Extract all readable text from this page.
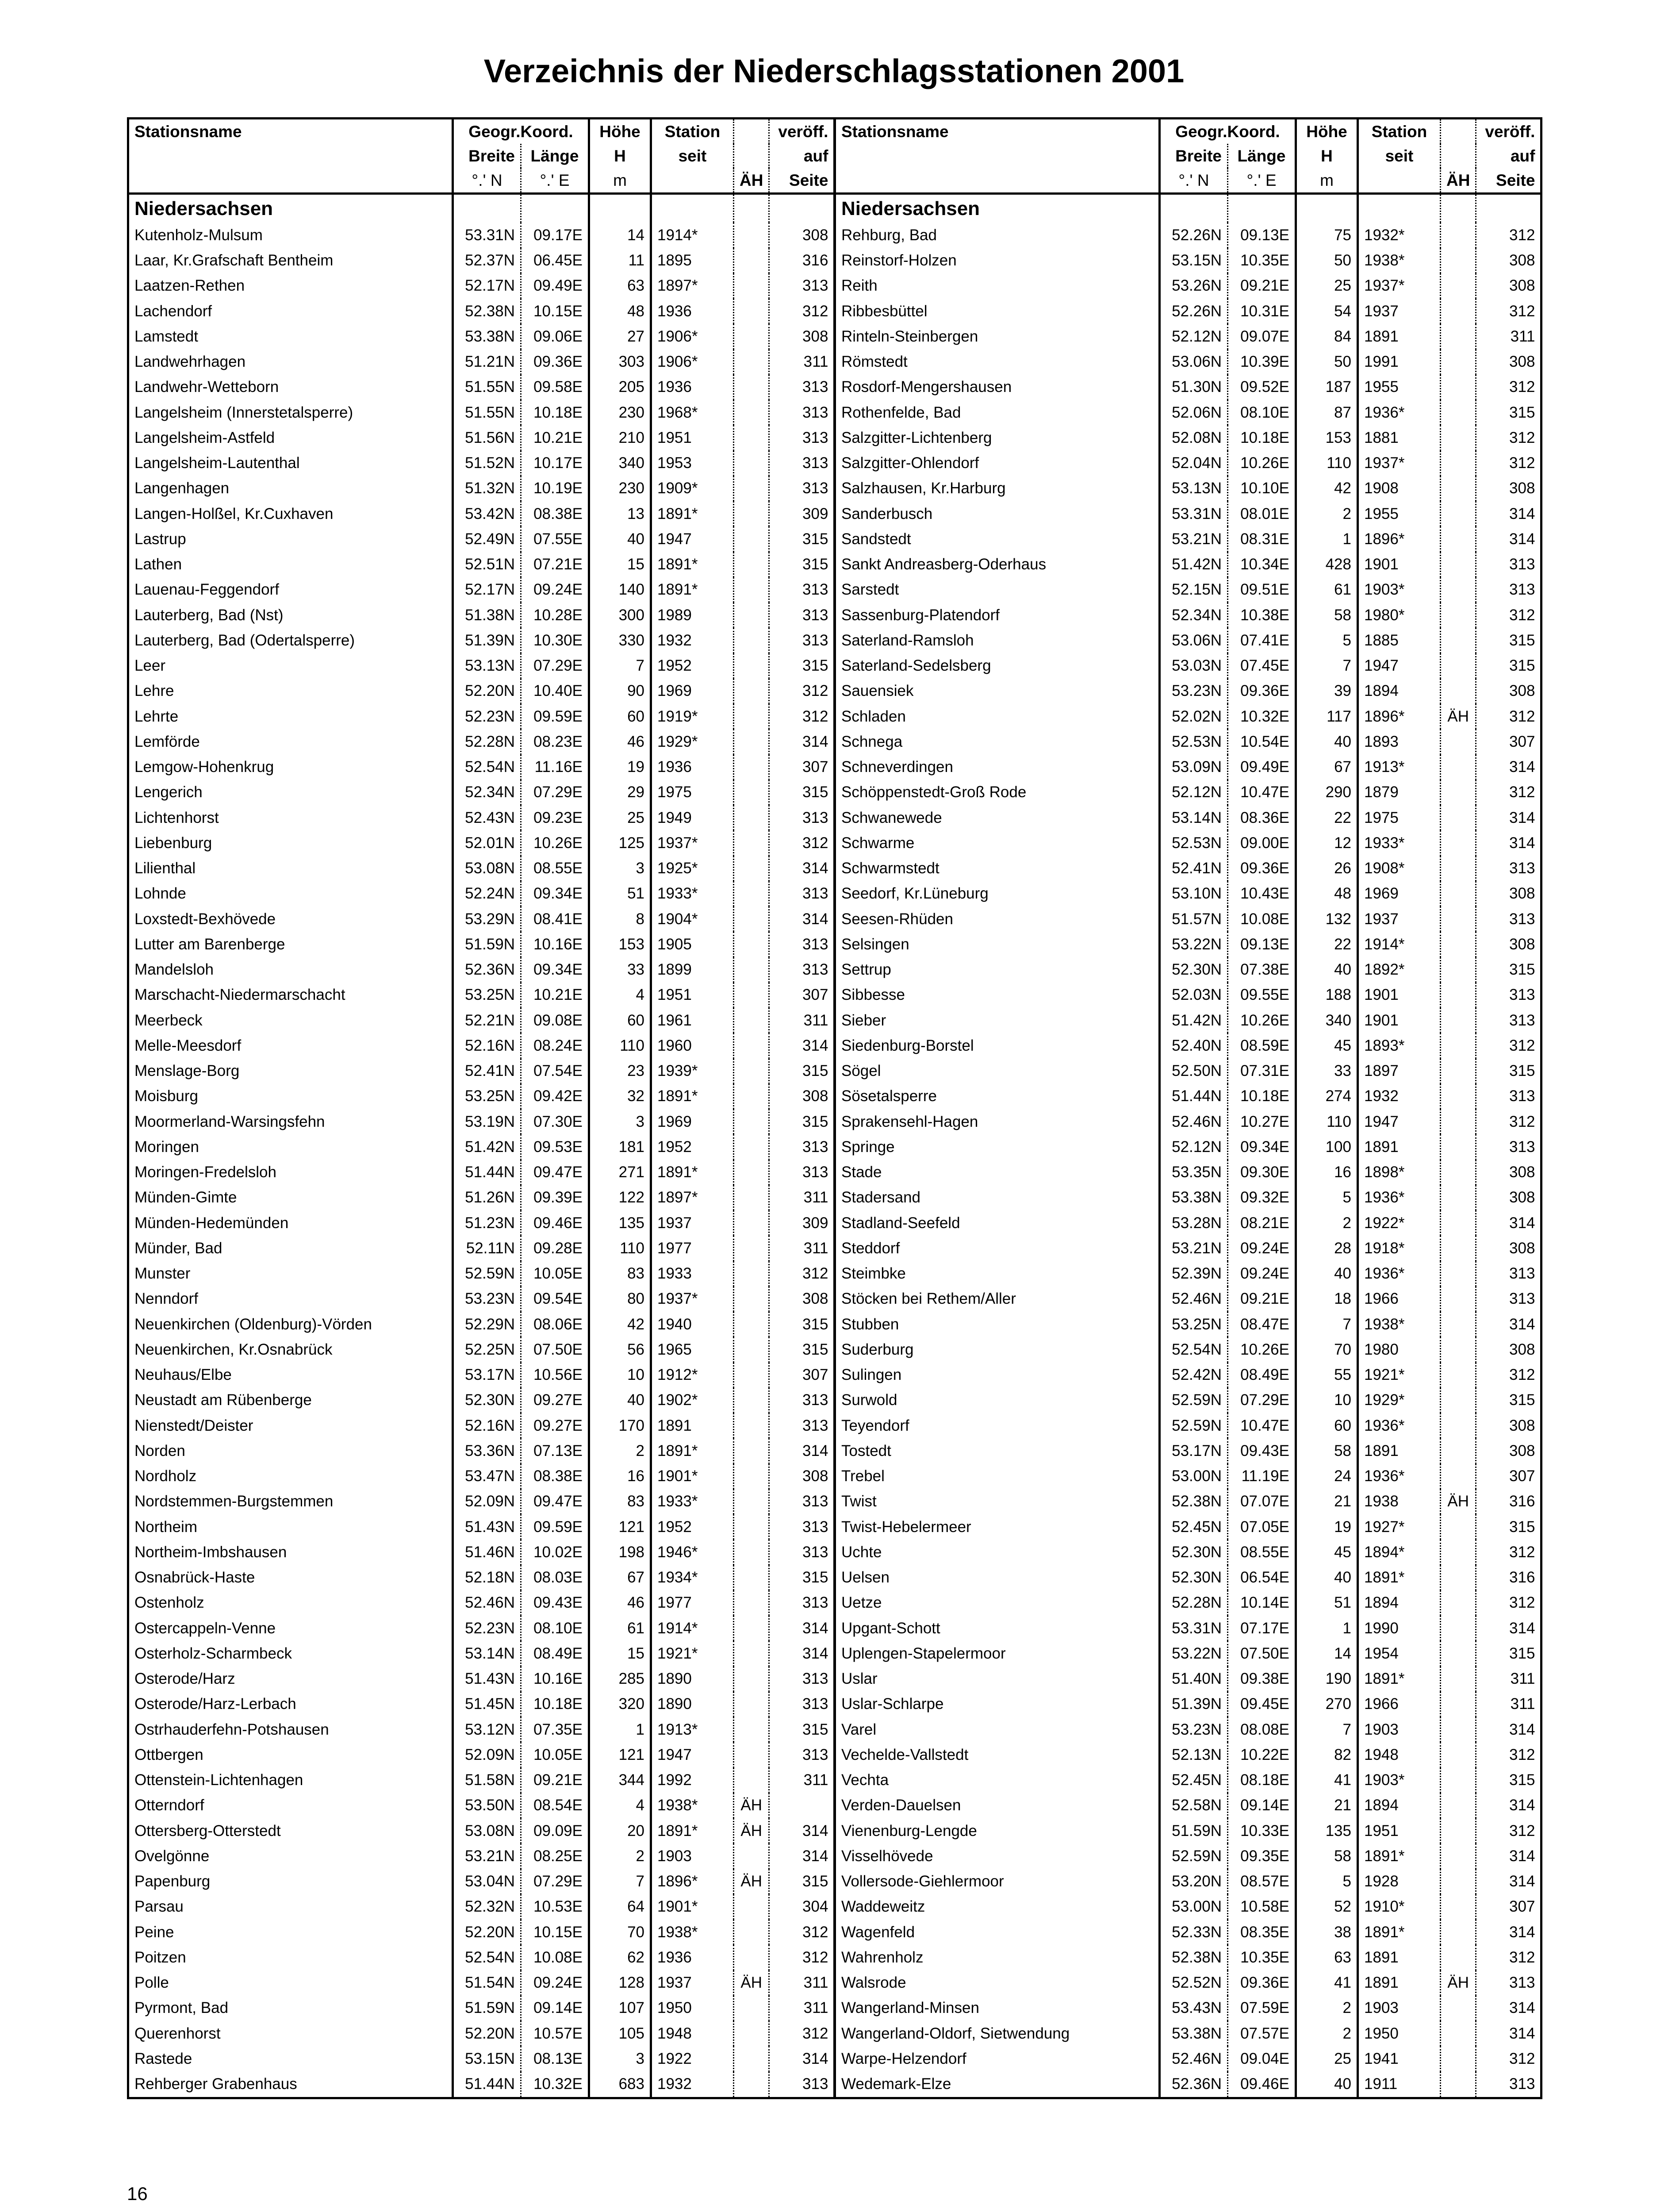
Verzeichnis der Niederschlagsstationen 2001
Stationsname	Geogr.Koord.		Höhe	Station		veröff.
	Breite	Länge	H	seit		auf
	°.' N	°.' E	m		ÄH	Seite
Niedersachsen						
Kutenholz-Mulsum	53.31N	09.17E	14	1914*		308
Laar, Kr.Grafschaft Bentheim	52.37N	06.45E	11	1895		316
Laatzen-Rethen	52.17N	09.49E	63	1897*		313
Lachendorf	52.38N	10.15E	48	1936		312
Lamstedt	53.38N	09.06E	27	1906*		308
Landwehrhagen	51.21N	09.36E	303	1906*		311
Landwehr-Wetteborn	51.55N	09.58E	205	1936		313
Langelsheim (Innerstetalsperre)	51.55N	10.18E	230	1968*		313
Langelsheim-Astfeld	51.56N	10.21E	210	1951		313
Langelsheim-Lautenthal	51.52N	10.17E	340	1953		313
Langenhagen	51.32N	10.19E	230	1909*		313
Langen-Holßel, Kr.Cuxhaven	53.42N	08.38E	13	1891*		309
Lastrup	52.49N	07.55E	40	1947		315
Lathen	52.51N	07.21E	15	1891*		315
Lauenau-Feggendorf	52.17N	09.24E	140	1891*		313
Lauterberg, Bad (Nst)	51.38N	10.28E	300	1989		313
Lauterberg, Bad (Odertalsperre)	51.39N	10.30E	330	1932		313
Leer	53.13N	07.29E	7	1952		315
Lehre	52.20N	10.40E	90	1969		312
Lehrte	52.23N	09.59E	60	1919*		312
Lemförde	52.28N	08.23E	46	1929*		314
Lemgow-Hohenkrug	52.54N	11.16E	19	1936		307
Lengerich	52.34N	07.29E	29	1975		315
Lichtenhorst	52.43N	09.23E	25	1949		313
Liebenburg	52.01N	10.26E	125	1937*		312
Lilienthal	53.08N	08.55E	3	1925*		314
Lohnde	52.24N	09.34E	51	1933*		313
Loxstedt-Bexhövede	53.29N	08.41E	8	1904*		314
Lutter am Barenberge	51.59N	10.16E	153	1905		313
Mandelsloh	52.36N	09.34E	33	1899		313
Marschacht-Niedermarschacht	53.25N	10.21E	4	1951		307
Meerbeck	52.21N	09.08E	60	1961		311
Melle-Meesdorf	52.16N	08.24E	110	1960		314
Menslage-Borg	52.41N	07.54E	23	1939*		315
Moisburg	53.25N	09.42E	32	1891*		308
Moormerland-Warsingsfehn	53.19N	07.30E	3	1969		315
Moringen	51.42N	09.53E	181	1952		313
Moringen-Fredelsloh	51.44N	09.47E	271	1891*		313
Münden-Gimte	51.26N	09.39E	122	1897*		311
Münden-Hedemünden	51.23N	09.46E	135	1937		309
Münder, Bad	52.11N	09.28E	110	1977		311
Munster	52.59N	10.05E	83	1933		312
Nenndorf	53.23N	09.54E	80	1937*		308
Neuenkirchen (Oldenburg)-Vörden	52.29N	08.06E	42	1940		315
Neuenkirchen, Kr.Osnabrück	52.25N	07.50E	56	1965		315
Neuhaus/Elbe	53.17N	10.56E	10	1912*		307
Neustadt am Rübenberge	52.30N	09.27E	40	1902*		313
Nienstedt/Deister	52.16N	09.27E	170	1891		313
Norden	53.36N	07.13E	2	1891*		314
Nordholz	53.47N	08.38E	16	1901*		308
Nordstemmen-Burgstemmen	52.09N	09.47E	83	1933*		313
Northeim	51.43N	09.59E	121	1952		313
Northeim-Imbshausen	51.46N	10.02E	198	1946*		313
Osnabrück-Haste	52.18N	08.03E	67	1934*		315
Ostenholz	52.46N	09.43E	46	1977		313
Ostercappeln-Venne	52.23N	08.10E	61	1914*		314
Osterholz-Scharmbeck	53.14N	08.49E	15	1921*		314
Osterode/Harz	51.43N	10.16E	285	1890		313
Osterode/Harz-Lerbach	51.45N	10.18E	320	1890		313
Ostrhauderfehn-Potshausen	53.12N	07.35E	1	1913*		315
Ottbergen	52.09N	10.05E	121	1947		313
Ottenstein-Lichtenhagen	51.58N	09.21E	344	1992		311
Otterndorf	53.50N	08.54E	4	1938*	ÄH	
Ottersberg-Otterstedt	53.08N	09.09E	20	1891*	ÄH	314
Ovelgönne	53.21N	08.25E	2	1903		314
Papenburg	53.04N	07.29E	7	1896*	ÄH	315
Parsau	52.32N	10.53E	64	1901*		304
Peine	52.20N	10.15E	70	1938*		312
Poitzen	52.54N	10.08E	62	1936		312
Polle	51.54N	09.24E	128	1937	ÄH	311
Pyrmont, Bad	51.59N	09.14E	107	1950		311
Querenhorst	52.20N	10.57E	105	1948		312
Rastede	53.15N	08.13E	3	1922		314
Rehberger Grabenhaus	51.44N	10.32E	683	1932		313
Stationsname	Geogr.Koord.		Höhe	Station		veröff.
	Breite	Länge	H	seit		auf
	°.' N	°.' E	m		ÄH	Seite
Niedersachsen						
Rehburg, Bad	52.26N	09.13E	75	1932*		312
Reinstorf-Holzen	53.15N	10.35E	50	1938*		308
Reith	53.26N	09.21E	25	1937*		308
Ribbesbüttel	52.26N	10.31E	54	1937		312
Rinteln-Steinbergen	52.12N	09.07E	84	1891		311
Römstedt	53.06N	10.39E	50	1991		308
Rosdorf-Mengershausen	51.30N	09.52E	187	1955		312
Rothenfelde, Bad	52.06N	08.10E	87	1936*		315
Salzgitter-Lichtenberg	52.08N	10.18E	153	1881		312
Salzgitter-Ohlendorf	52.04N	10.26E	110	1937*		312
Salzhausen, Kr.Harburg	53.13N	10.10E	42	1908		308
Sanderbusch	53.31N	08.01E	2	1955		314
Sandstedt	53.21N	08.31E	1	1896*		314
Sankt Andreasberg-Oderhaus	51.42N	10.34E	428	1901		313
Sarstedt	52.15N	09.51E	61	1903*		313
Sassenburg-Platendorf	52.34N	10.38E	58	1980*		312
Saterland-Ramsloh	53.06N	07.41E	5	1885		315
Saterland-Sedelsberg	53.03N	07.45E	7	1947		315
Sauensiek	53.23N	09.36E	39	1894		308
Schladen	52.02N	10.32E	117	1896*	ÄH	312
Schnega	52.53N	10.54E	40	1893		307
Schneverdingen	53.09N	09.49E	67	1913*		314
Schöppenstedt-Groß Rode	52.12N	10.47E	290	1879		312
Schwanewede	53.14N	08.36E	22	1975		314
Schwarme	52.53N	09.00E	12	1933*		314
Schwarmstedt	52.41N	09.36E	26	1908*		313
Seedorf, Kr.Lüneburg	53.10N	10.43E	48	1969		308
Seesen-Rhüden	51.57N	10.08E	132	1937		313
Selsingen	53.22N	09.13E	22	1914*		308
Settrup	52.30N	07.38E	40	1892*		315
Sibbesse	52.03N	09.55E	188	1901		313
Sieber	51.42N	10.26E	340	1901		313
Siedenburg-Borstel	52.40N	08.59E	45	1893*		312
Sögel	52.50N	07.31E	33	1897		315
Sösetalsperre	51.44N	10.18E	274	1932		313
Sprakensehl-Hagen	52.46N	10.27E	110	1947		312
Springe	52.12N	09.34E	100	1891		313
Stade	53.35N	09.30E	16	1898*		308
Stadersand	53.38N	09.32E	5	1936*		308
Stadland-Seefeld	53.28N	08.21E	2	1922*		314
Steddorf	53.21N	09.24E	28	1918*		308
Steimbke	52.39N	09.24E	40	1936*		313
Stöcken bei Rethem/Aller	52.46N	09.21E	18	1966		313
Stubben	53.25N	08.47E	7	1938*		314
Suderburg	52.54N	10.26E	70	1980		308
Sulingen	52.42N	08.49E	55	1921*		312
Surwold	52.59N	07.29E	10	1929*		315
Teyendorf	52.59N	10.47E	60	1936*		308
Tostedt	53.17N	09.43E	58	1891		308
Trebel	53.00N	11.19E	24	1936*		307
Twist	52.38N	07.07E	21	1938	ÄH	316
Twist-Hebelermeer	52.45N	07.05E	19	1927*		315
Uchte	52.30N	08.55E	45	1894*		312
Uelsen	52.30N	06.54E	40	1891*		316
Uetze	52.28N	10.14E	51	1894		312
Upgant-Schott	53.31N	07.17E	1	1990		314
Uplengen-Stapelermoor	53.22N	07.50E	14	1954		315
Uslar	51.40N	09.38E	190	1891*		311
Uslar-Schlarpe	51.39N	09.45E	270	1966		311
Varel	53.23N	08.08E	7	1903		314
Vechelde-Vallstedt	52.13N	10.22E	82	1948		312
Vechta	52.45N	08.18E	41	1903*		315
Verden-Dauelsen	52.58N	09.14E	21	1894		314
Vienenburg-Lengde	51.59N	10.33E	135	1951		312
Visselhövede	52.59N	09.35E	58	1891*		314
Vollersode-Giehlermoor	53.20N	08.57E	5	1928		314
Waddeweitz	53.00N	10.58E	52	1910*		307
Wagenfeld	52.33N	08.35E	38	1891*		314
Wahrenholz	52.38N	10.35E	63	1891		312
Walsrode	52.52N	09.36E	41	1891	ÄH	313
Wangerland-Minsen	53.43N	07.59E	2	1903		314
Wangerland-Oldorf, Sietwendung	53.38N	07.57E	2	1950		314
Warpe-Helzendorf	52.46N	09.04E	25	1941		312
Wedemark-Elze	52.36N	09.46E	40	1911		313
16
